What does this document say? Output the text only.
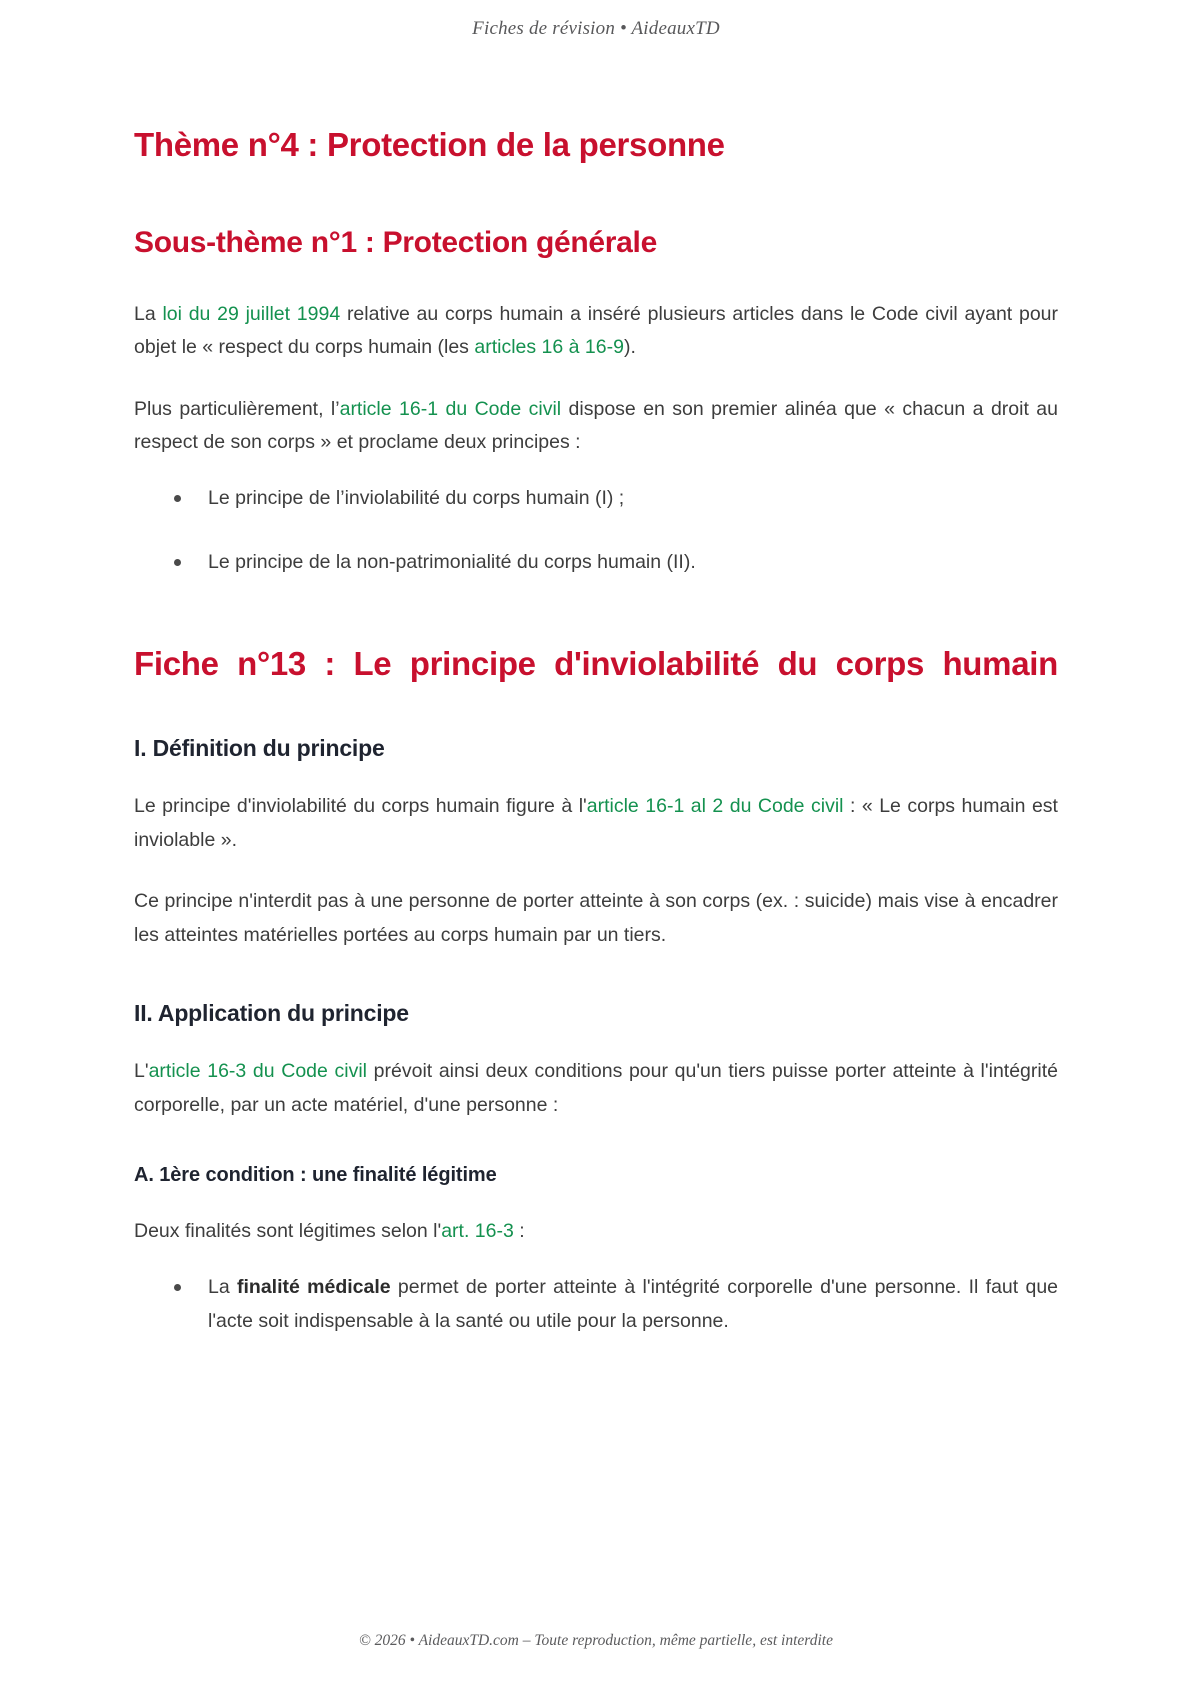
Fiches de révision • AideauxTD
Thème n°4 : Protection de la personne
Sous-thème n°1 : Protection générale

La loi du 29 juillet 1994 relative au corps humain a inséré plusieurs articles dans le Code civil ayant pour objet le « respect du corps humain (les articles 16 à 16-9).

Plus particulièrement, l’article 16-1 du Code civil dispose en son premier alinéa que « chacun a droit au respect de son corps » et proclame deux principes :

Le principe de l’inviolabilité du corps humain (I) ;
Le principe de la non-patrimonialité du corps humain (II).
Fiche n°13 : Le principe d'inviolabilité du corps humain
I. Définition du principe

Le principe d'inviolabilité du corps humain figure à l'article 16-1 al 2 du Code civil : « Le corps humain est inviolable ».

Ce principe n'interdit pas à une personne de porter atteinte à son corps (ex. : suicide) mais vise à encadrer les atteintes matérielles portées au corps humain par un tiers.

II. Application du principe

L'article 16-3 du Code civil prévoit ainsi deux conditions pour qu'un tiers puisse porter atteinte à l'intégrité corporelle, par un acte matériel, d'une personne :

A. 1ère condition : une finalité légitime

Deux finalités sont légitimes selon l'art. 16-3 :

La finalité médicale permet de porter atteinte à l'intégrité corporelle d'une personne. Il faut que l'acte soit indispensable à la santé ou utile pour la personne.
© 2026 • AideauxTD.com – Toute reproduction, même partielle, est interdite
